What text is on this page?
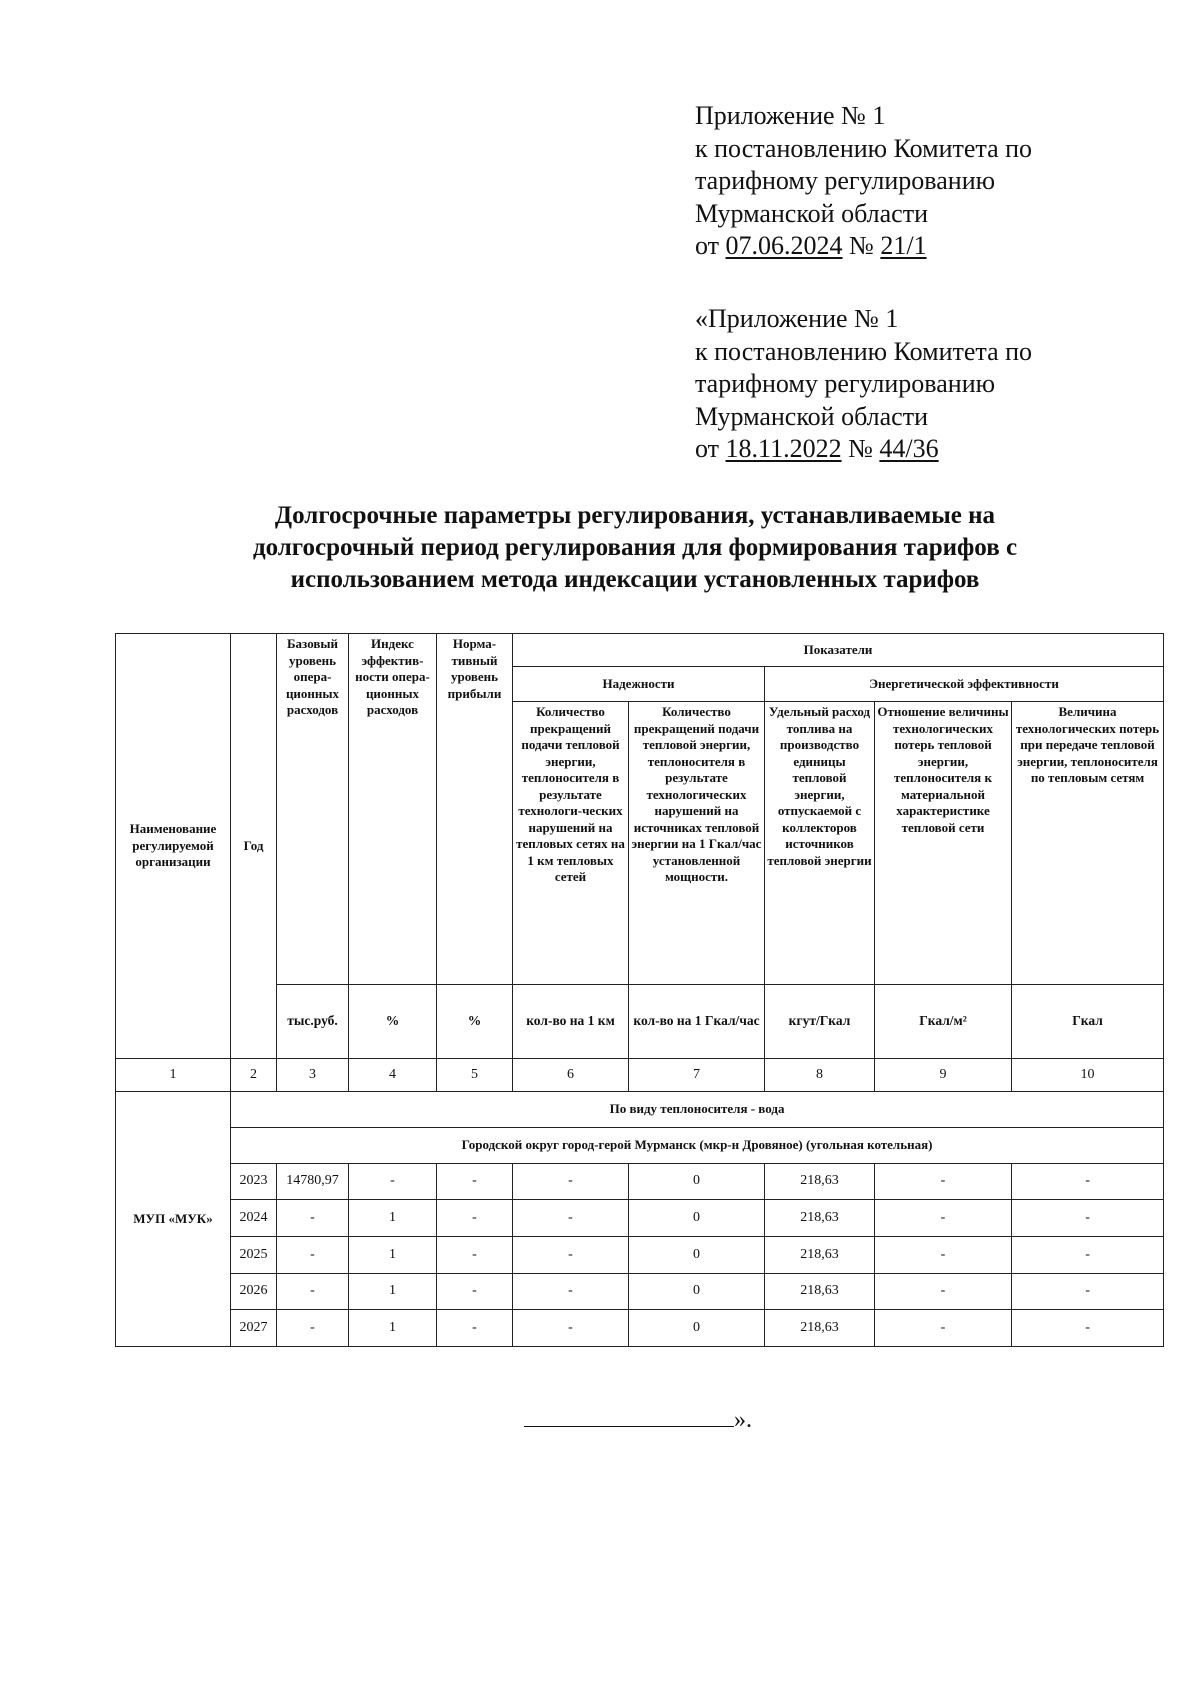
Приложение № 1
к постановлению Комитета по
тарифному регулированию
Мурманской области
от 07.06.2024 № 21/1
«Приложение № 1
к постановлению Комитета по
тарифному регулированию
Мурманской области
от 18.11.2022 № 44/36
Долгосрочные параметры регулирования, устанавливаемые на
долгосрочный период регулирования для формирования тарифов с
использованием метода индексации установленных тарифов
Наименование регулируемой организации	Год	Базовый уровень опера-ционных расходов	Индекс эффектив-ности опера-ционных расходов	Норма-тивный уровень прибыли	Показатели				
					Надежности		Энергетической эффективности		
					Количество прекращений подачи тепловой энергии, теплоносителя в результате технологи-ческих нарушений на тепловых сетях на 1 км тепловых сетей	Количество прекращений подачи тепловой энергии, теплоносителя в результате технологических нарушений на источниках тепловой энергии на 1 Гкал/час установленной мощности.	Удельный расход топлива на производство единицы тепловой энергии, отпускаемой с коллекторов источников тепловой энергии	Отношение величины технологических потерь тепловой энергии, теплоносителя к материальной характеристике тепловой сети	Величина технологических потерь при передаче тепловой энергии, теплоносителя по тепловым сетям
		тыс.руб.	%	%	кол-во на 1 км	кол-во на 1 Гкал/час	кгут/Гкал	Гкал/м²	Гкал
1	2	3	4	5	6	7	8	9	10
МУП «МУК»	По виду теплоносителя - вода								
	Городской округ город-герой Мурманск (мкр-н Дровяное) (угольная котельная)								
	2023	14780,97	-	-	-	0	218,63	-	-
	2024	-	1	-	-	0	218,63	-	-
	2025	-	1	-	-	0	218,63	-	-
	2026	-	1	-	-	0	218,63	-	-
	2027	-	1	-	-	0	218,63	-	-
».
